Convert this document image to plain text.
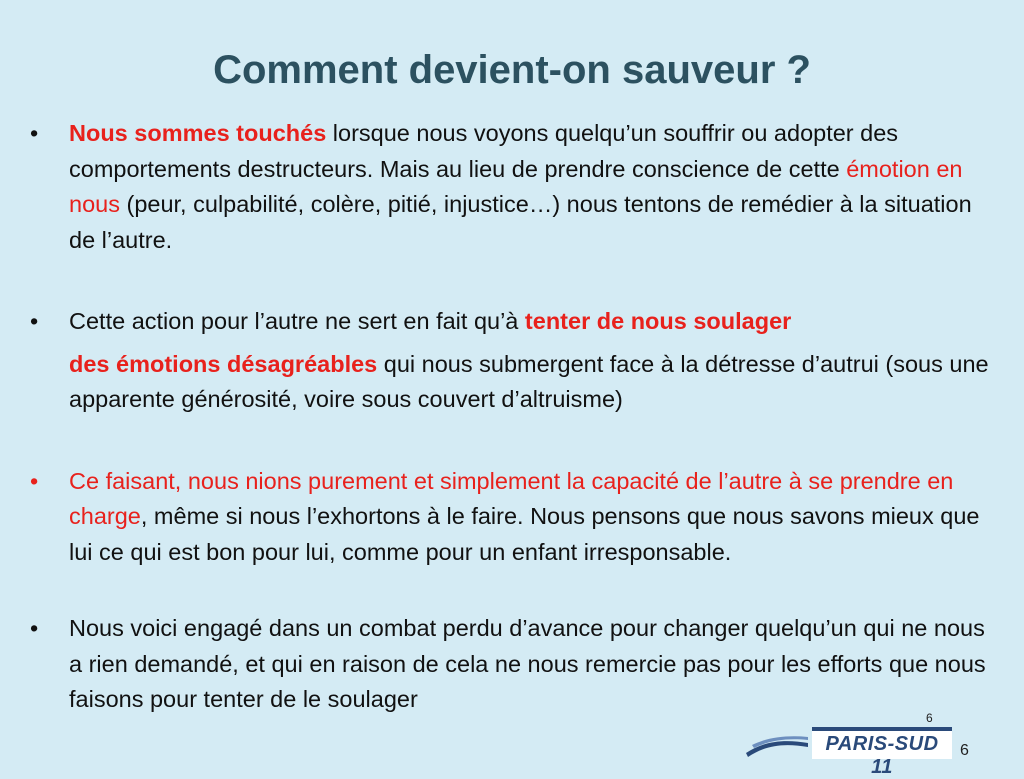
Comment devient-on sauveur ?
•	Nous sommes touchés lorsque nous voyons quelqu’un souffrir ou adopter des comportements destructeurs. Mais au lieu de prendre conscience de cette émotion en nous (peur, culpabilité, colère, pitié, injustice…) nous tentons de remédier à la situation de l’autre.
•	Cette action pour l’autre ne sert en fait qu’à tenter de nous soulager
des émotions désagréables qui nous submergent face à la détresse d’autrui (sous une apparente générosité, voire sous couvert d’altruisme)
•	Ce faisant, nous nions purement et simplement la capacité de l’autre à se prendre en charge, même si nous l’exhortons à le faire. Nous pensons que nous savons mieux que lui ce qui est bon pour lui, comme pour un enfant irresponsable.
•	Nous voici engagé dans un combat perdu d’avance pour changer quelqu’un qui ne nous a rien demandé, et qui en raison de cela ne nous remercie pas pour les efforts que nous faisons pour tenter de le soulager
6
PARIS-SUD 11
6
